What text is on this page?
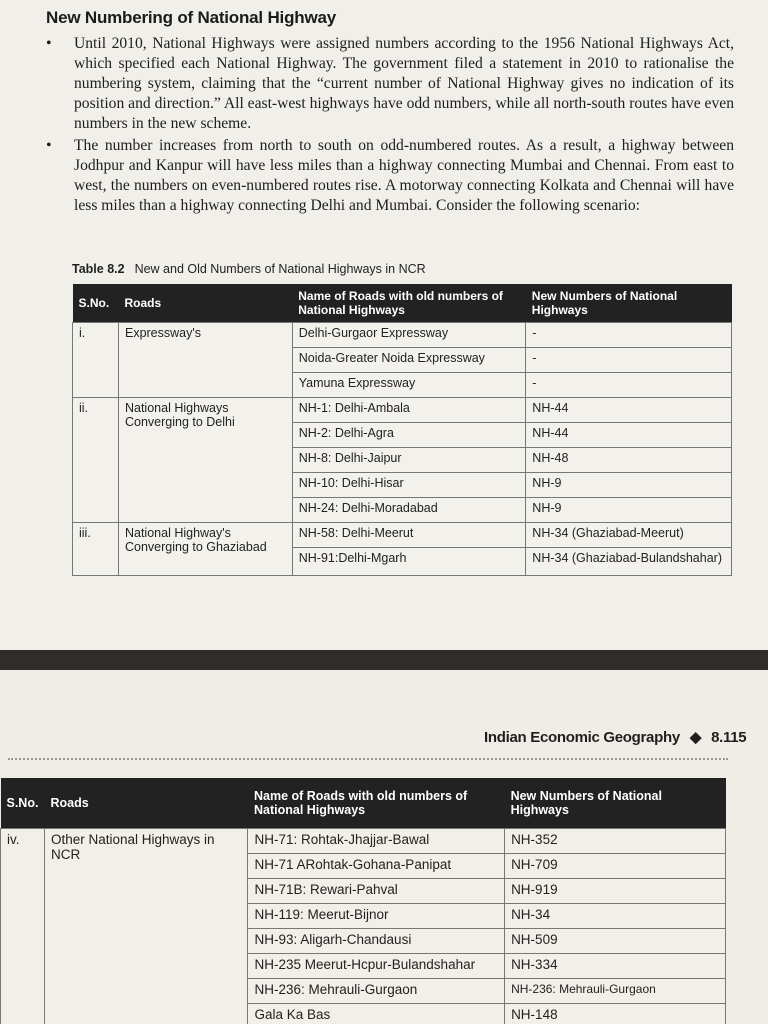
New Numbering of National Highway
• Until 2010, National Highways were assigned numbers according to the 1956 National Highways Act, which specified each National Highway. The government filed a statement in 2010 to rationalise the numbering system, claiming that the “current number of National Highway gives no indication of its position and direction.” All east-west highways have odd numbers, while all north-south routes have even numbers in the new scheme.
• The number increases from north to south on odd-numbered routes. As a result, a highway between Jodhpur and Kanpur will have less miles than a highway connecting Mumbai and Chennai. From east to west, the numbers on even-numbered routes rise. A motorway connecting Kolkata and Chennai will have less miles than a highway connecting Delhi and Mumbai. Consider the following scenario:
Table 8.2 New and Old Numbers of National Highways in NCR
S.No.	Roads	Name of Roads with old numbers of National Highways	New Numbers of National Highways
i.	Expressway's	Delhi-Gurgaor Expressway	-
		Noida-Greater Noida Expressway	-
		Yamuna Expressway	-
ii.	National Highways Converging to Delhi	NH-1: Delhi-Ambala	NH-44
		NH-2: Delhi-Agra	NH-44
		NH-8: Delhi-Jaipur	NH-48
		NH-10: Delhi-Hisar	NH-9
		NH-24: Delhi-Moradabad	NH-9
iii.	National Highway's Converging to Ghaziabad	NH-58: Delhi-Meerut	NH-34 (Ghaziabad-Meerut)
		NH-91:Delhi-Mgarh	NH-34 (Ghaziabad-Bulandshahar)
Indian Economic Geography ◆ 8.115
S.No.	Roads	Name of Roads with old numbers of National Highways	New Numbers of National Highways
iv.	Other National Highways in NCR	NH-71: Rohtak-Jhajjar-Bawal	NH-352
		NH-71 ARohtak-Gohana-Panipat	NH-709
		NH-71B: Rewari-Pahval	NH-919
		NH-119: Meerut-Bijnor	NH-34
		NH-93: Aligarh-Chandausi	NH-509
		NH-235 Meerut-Hcpur-Bulandshahar	NH-334
		NH-236: Mehrauli-Gurgaon	NH-236: Mehrauli-Gurgaon
		Gala Ka Bas	NH-148
